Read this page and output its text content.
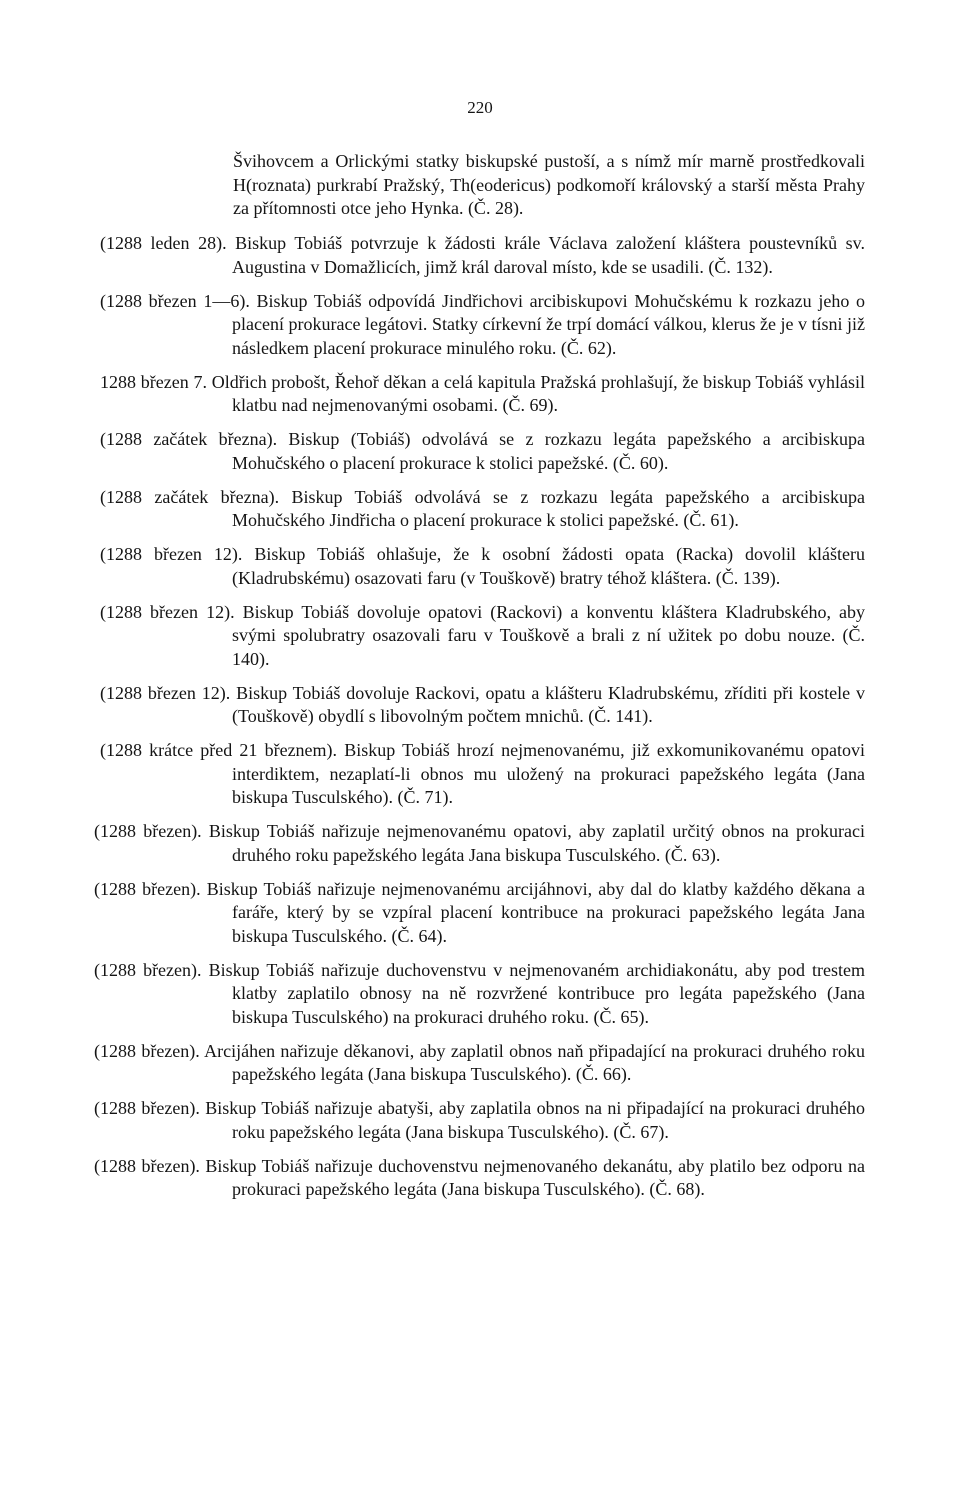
220
Švihovcem a Orlickými statky biskupské pustoší, a s nímž mír marně prostředkovali H(roznata) purkrabí Pražský, Th(eodericus) podkomoří královský a starší města Prahy za přítomnosti otce jeho Hynka. (Č. 28).
(1288 leden 28). Biskup Tobiáš potvrzuje k žádosti krále Václava založení kláštera poustevníků sv. Augustina v Domažlicích, jimž král daroval místo, kde se usadili. (Č. 132).
(1288 březen 1—6). Biskup Tobiáš odpovídá Jindřichovi arcibiskupovi Mohučskému k rozkazu jeho o placení prokurace legátovi. Statky církevní že trpí domácí válkou, klerus že je v tísni již následkem placení prokurace minulého roku. (Č. 62).
1288 březen 7. Oldřich probošt, Řehoř děkan a celá kapitula Pražská prohlašují, že biskup Tobiáš vyhlásil klatbu nad nejmenovanými osobami. (Č. 69).
(1288 začátek března). Biskup (Tobiáš) odvolává se z rozkazu legáta papežského a arcibiskupa Mohučského o placení prokurace k stolici papežské. (Č. 60).
(1288 začátek března). Biskup Tobiáš odvolává se z rozkazu legáta papežského a arcibiskupa Mohučského Jindřicha o placení prokurace k stolici papežské. (Č. 61).
(1288 březen 12). Biskup Tobiáš ohlašuje, že k osobní žádosti opata (Racka) dovolil klášteru (Kladrubskému) osazovati faru (v Touškově) bratry téhož kláštera. (Č. 139).
(1288 březen 12). Biskup Tobiáš dovoluje opatovi (Rackovi) a konventu kláštera Kladrubského, aby svými spolubratry osazovali faru v Touškově a brali z ní užitek po dobu nouze. (Č. 140).
(1288 březen 12). Biskup Tobiáš dovoluje Rackovi, opatu a klášteru Kladrubskému, zříditi při kostele v (Touškově) obydlí s libovolným počtem mnichů. (Č. 141).
(1288 krátce před 21 březnem). Biskup Tobiáš hrozí nejmenovanému, již exkomunikovanému opatovi interdiktem, nezaplatí-li obnos mu uložený na prokuraci papežského legáta (Jana biskupa Tusculského). (Č. 71).
(1288 březen). Biskup Tobiáš nařizuje nejmenovanému opatovi, aby zaplatil určitý obnos na prokuraci druhého roku papežského legáta Jana biskupa Tusculského. (Č. 63).
(1288 březen). Biskup Tobiáš nařizuje nejmenovanému arcijáhnovi, aby dal do klatby každého děkana a faráře, který by se vzpíral placení kontribuce na prokuraci papežského legáta Jana biskupa Tusculského. (Č. 64).
(1288 březen). Biskup Tobiáš nařizuje duchovenstvu v nejmenovaném archidiakonátu, aby pod trestem klatby zaplatilo obnosy na ně rozvržené kontribuce pro legáta papežského (Jana biskupa Tusculského) na prokuraci druhého roku. (Č. 65).
(1288 březen). Arcijáhen nařizuje děkanovi, aby zaplatil obnos naň připadající na prokuraci druhého roku papežského legáta (Jana biskupa Tusculského). (Č. 66).
(1288 březen). Biskup Tobiáš nařizuje abatyši, aby zaplatila obnos na ni připadající na prokuraci druhého roku papežského legáta (Jana biskupa Tusculského). (Č. 67).
(1288 březen). Biskup Tobiáš nařizuje duchovenstvu nejmenovaného dekanátu, aby platilo bez odporu na prokuraci papežského legáta (Jana biskupa Tusculského). (Č. 68).
